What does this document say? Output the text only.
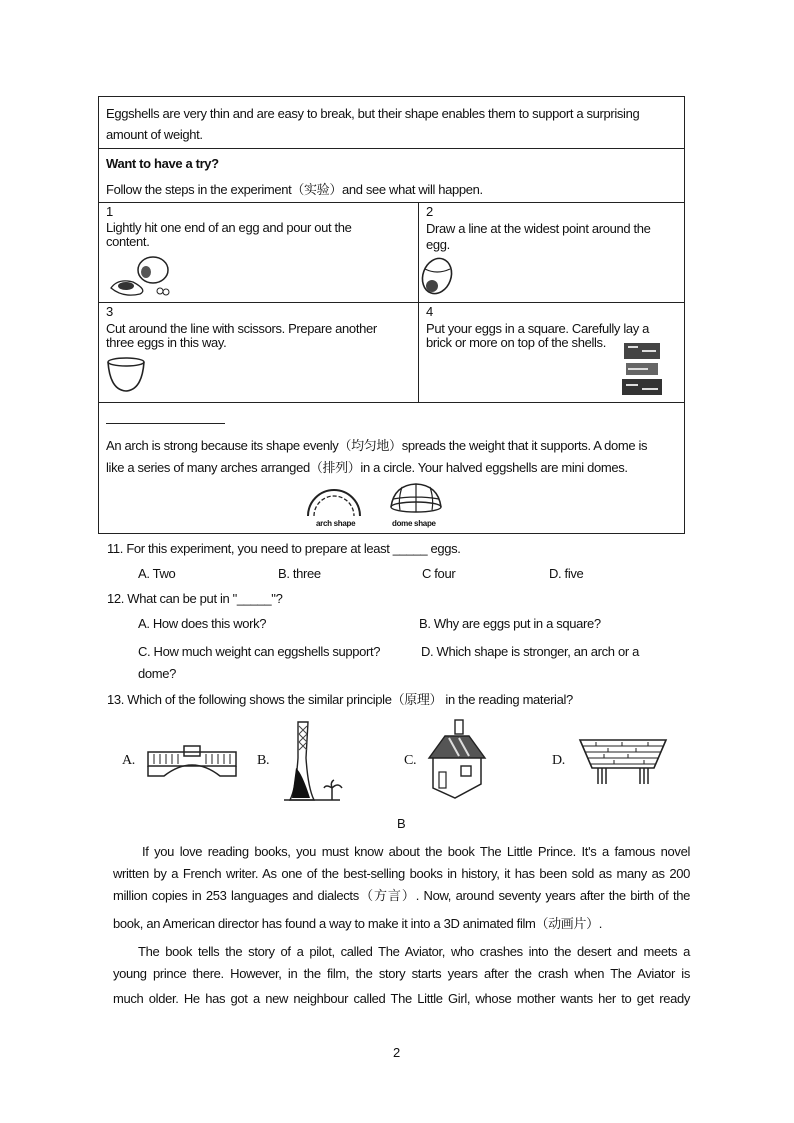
Eggshells are very thin and are easy to break, but their shape enables them to support a surprising
amount of weight.
Want to have a try?
Follow the steps in the experiment（实验）and see what will happen.
1
Lightly hit one end of an egg and pour out the
content.
2
Draw a line at the widest point around the
egg.
3
Cut around the line with scissors. Prepare another
three eggs in this way.
4
Put your eggs in a square. Carefully lay a
brick or more on top of the shells.
An arch is strong because its shape evenly（均匀地）spreads the weight that it supports. A dome is
like a series of many arches arranged（排列）in a circle. Your halved eggshells are mini domes.
arch shape	dome shape
11. For this experiment, you need to prepare at least _____ eggs.
A. Two	B. three	C four	D. five
12. What can be put in "_____"?
A. How does this work?	B. Why are eggs put in a square?
C. How much weight can eggshells support?	D. Which shape is stronger, an arch or a
dome?
13. Which of the following shows the similar principle（原理） in the reading material?
A.	B.	C.	D.
B
If you love reading books, you must know about the book The Little Prince. It's a famous novel
written by a French writer. As one of the best-selling books in history, it has been sold as many as 200
million copies in 253 languages and dialects（方言）. Now, around seventy years after the birth of the
book, an American director has found a way to make it into a 3D animated film（动画片）.
The book tells the story of a pilot, called The Aviator, who crashes into the desert and meets a
young prince there. However, in the film, the story starts years after the crash when The Aviator is
much older. He has got a new neighbour called The Little Girl, whose mother wants her to get ready
2
